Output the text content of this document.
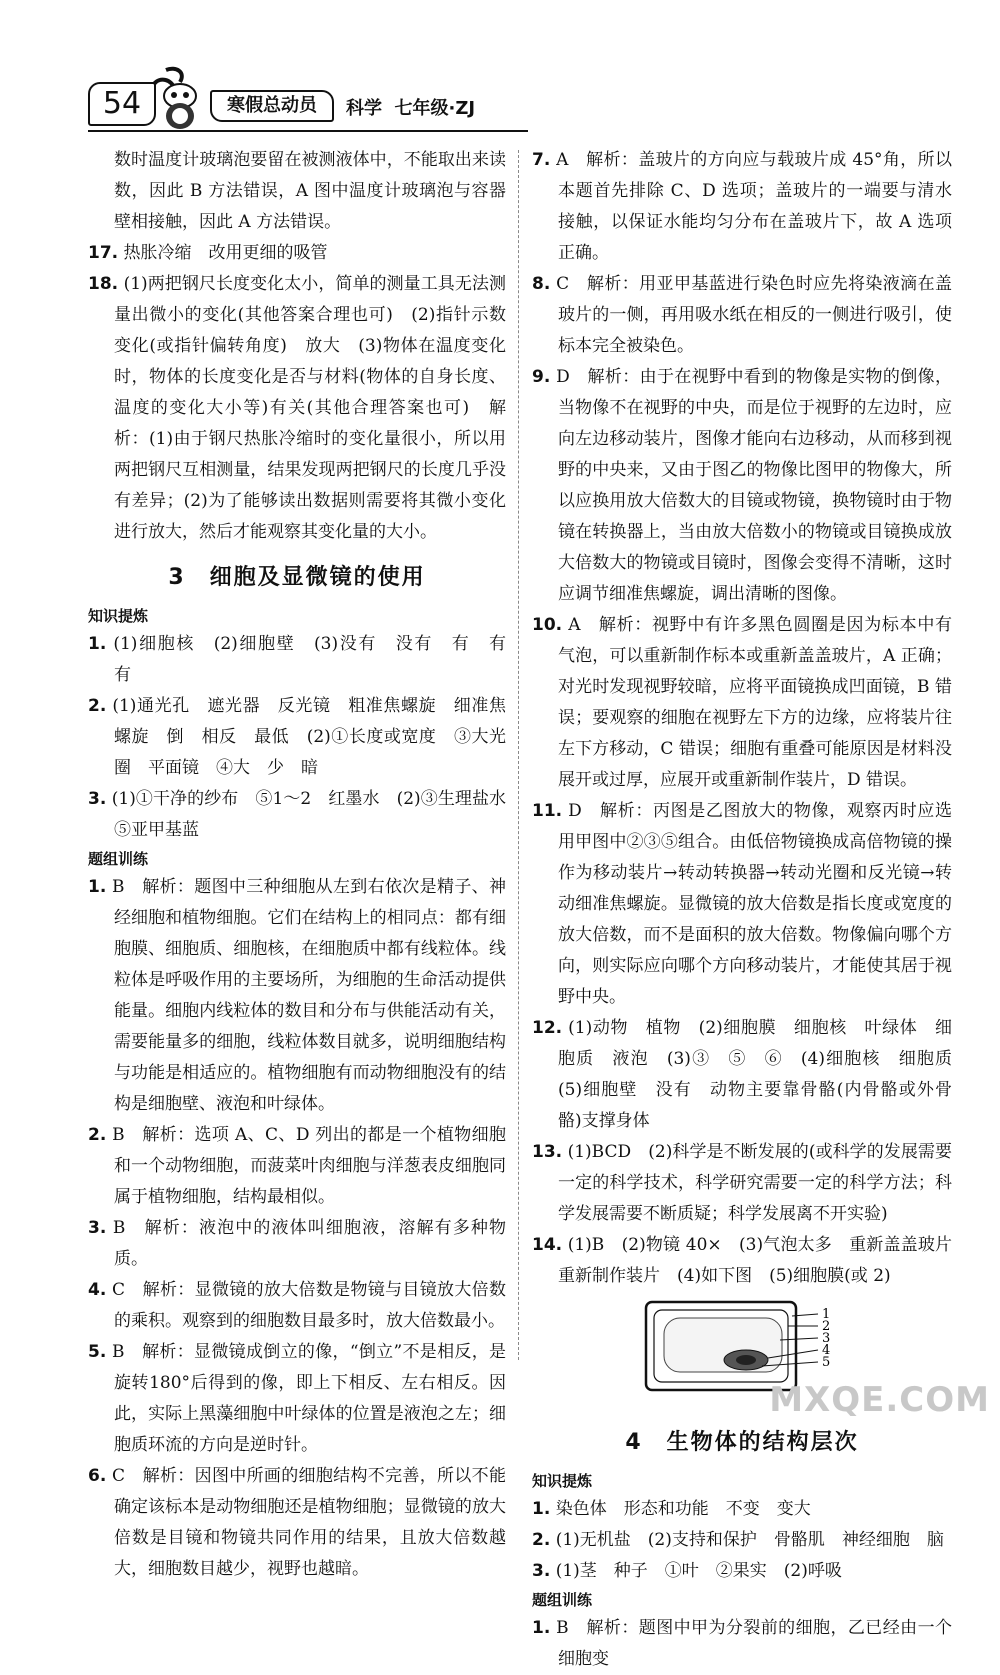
54	寒假总动员	科学  七年级·ZJ
数时温度计玻璃泡要留在被测液体中，不能取出来读数，因此 B 方法错误，A 图中温度计玻璃泡与容器壁相接触，因此 A 方法错误。
17. 热胀冷缩　改用更细的吸管
18. (1)两把钢尺长度变化太小，简单的测量工具无法测量出微小的变化(其他答案合理也可)　(2)指针示数变化(或指针偏转角度)　放大　(3)物体在温度变化时，物体的长度变化是否与材料(物体的自身长度、温度的变化大小等)有关(其他合理答案也可)　解析：(1)由于钢尺热胀冷缩时的变化量很小，所以用两把钢尺互相测量，结果发现两把钢尺的长度几乎没有差异；(2)为了能够读出数据则需要将其微小变化进行放大，然后才能观察其变化量的大小。
3　细胞及显微镜的使用
知识提炼
1. (1)细胞核　(2)细胞壁　(3)没有　没有　有　有　有
2. (1)通光孔　遮光器　反光镜　粗准焦螺旋　细准焦螺旋　倒　相反　最低　(2)①长度或宽度　③大光圈　平面镜　④大　少　暗
3. (1)①干净的纱布　⑤1～2　红墨水　(2)③生理盐水　⑤亚甲基蓝
题组训练
1. B　解析：题图中三种细胞从左到右依次是精子、神经细胞和植物细胞。它们在结构上的相同点：都有细胞膜、细胞质、细胞核，在细胞质中都有线粒体。线粒体是呼吸作用的主要场所，为细胞的生命活动提供能量。细胞内线粒体的数目和分布与供能活动有关，需要能量多的细胞，线粒体数目就多，说明细胞结构与功能是相适应的。植物细胞有而动物细胞没有的结构是细胞壁、液泡和叶绿体。
2. B　解析：选项 A、C、D 列出的都是一个植物细胞和一个动物细胞，而菠菜叶肉细胞与洋葱表皮细胞同属于植物细胞，结构最相似。
3. B　解析：液泡中的液体叫细胞液，溶解有多种物质。
4. C　解析：显微镜的放大倍数是物镜与目镜放大倍数的乘积。观察到的细胞数目最多时，放大倍数最小。
5. B　解析：显微镜成倒立的像，“倒立”不是相反，是旋转180°后得到的像，即上下相反、左右相反。因此，实际上黑藻细胞中叶绿体的位置是液泡之左；细胞质环流的方向是逆时针。
6. C　解析：因图中所画的细胞结构不完善，所以不能确定该标本是动物细胞还是植物细胞；显微镜的放大倍数是目镜和物镜共同作用的结果，且放大倍数越大，细胞数目越少，视野也越暗。
7. A　解析：盖玻片的方向应与载玻片成 45°角，所以本题首先排除 C、D 选项；盖玻片的一端要与清水接触，以保证水能均匀分布在盖玻片下，故 A 选项正确。
8. C　解析：用亚甲基蓝进行染色时应先将染液滴在盖玻片的一侧，再用吸水纸在相反的一侧进行吸引，使标本完全被染色。
9. D　解析：由于在视野中看到的物像是实物的倒像，当物像不在视野的中央，而是位于视野的左边时，应向左边移动装片，图像才能向右边移动，从而移到视野的中央来，又由于图乙的物像比图甲的物像大，所以应换用放大倍数大的目镜或物镜，换物镜时由于物镜在转换器上，当由放大倍数小的物镜或目镜换成放大倍数大的物镜或目镜时，图像会变得不清晰，这时应调节细准焦螺旋，调出清晰的图像。
10. A　解析：视野中有许多黑色圆圈是因为标本中有气泡，可以重新制作标本或重新盖盖玻片，A 正确；对光时发现视野较暗，应将平面镜换成凹面镜，B 错误；要观察的细胞在视野左下方的边缘，应将装片往左下方移动，C 错误；细胞有重叠可能原因是材料没展开或过厚，应展开或重新制作装片，D 错误。
11. D　解析：丙图是乙图放大的物像，观察丙时应选用甲图中②③⑤组合。由低倍物镜换成高倍物镜的操作为移动装片→转动转换器→转动光圈和反光镜→转动细准焦螺旋。显微镜的放大倍数是指长度或宽度的放大倍数，而不是面积的放大倍数。物像偏向哪个方向，则实际应向哪个方向移动装片，才能使其居于视野中央。
12. (1)动物　植物　(2)细胞膜　细胞核　叶绿体　细胞质　液泡　(3)③　⑤　⑥　(4)细胞核　细胞质　(5)细胞壁　没有　动物主要靠骨骼(内骨骼或外骨骼)支撑身体
13. (1)BCD　(2)科学是不断发展的(或科学的发展需要一定的科学技术，科学研究需要一定的科学方法；科学发展需要不断质疑；科学发展离不开实验)
14. (1)B　(2)物镜 40×　(3)气泡太多　重新盖盖玻片　重新制作装片　(4)如下图　(5)细胞膜(或 2)
1
2
3
4
5
4　生物体的结构层次
知识提炼
1. 染色体　形态和功能　不变　变大
2. (1)无机盐　(2)支持和保护　骨骼肌　神经细胞　脑
3. (1)茎　种子　①叶　②果实　(2)呼吸
题组训练
1. B　解析：题图中甲为分裂前的细胞，乙已经由一个细胞变
MXQE.COM
